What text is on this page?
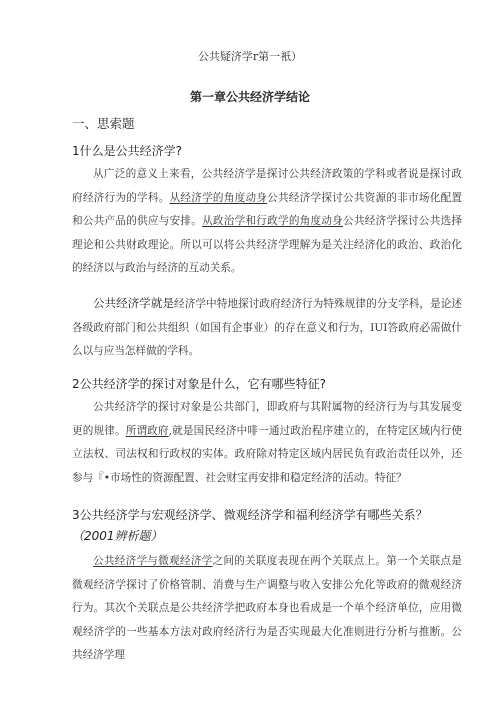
公共疑济学r第一衹）
第一章公共经济学结论
一、思索题
1什么是公共经济学?
从广泛的意义上来看，公共经济学是探讨公共经济政策的学科或者说是探讨政府经济行为的学科。从经济学的角度动身公共经济学探讨公共资源的非市场化配置和公共产品的供应与安排。从政治学和行政学的角度动身公共经济学探讨公共选择理论和公共财政理论。所以可以将公共经济学理解为是关注经济化的政治、政治化的经济以与政治与经济的互动关系。
公共经济学就是经济学中特地探讨政府经济行为特殊规律的分支学科，是论述各级政府部门和公共组织（如国有企事业）的存在意义和行为，IUI答政府必需做什么以与应当怎样做的学科。
2公共经济学的探讨对象是什么，它有哪些特征?
公共经济学的探讨对象是公共部门，即政府与其附属物的经济行为与其发展变更的规律。所谓政府,就是国民经济中啡一通过政治程序建立的，在特定区域内行使立法权、司法权和行政权的实体。政府除对特定区域内居民负有政治责任以外，还参与『•市场性的资源配置、社会财宝再安排和稳定经济的活动。特征？
3公共经济学与宏观经济学、微观经济学和福利经济学有哪些关系？（2001辨析题）
公共经济学与微观经济学之间的关联度表现在两个关联点上。第一个关联点是微观经济学探讨了价格管制、消费与生产调整与收入安排公允化等政府的微观经济行为。其次个关联点是公共经济学把政府本身也看成是一个单个经济单位，应用微观经济学的一些基本方法对政府经济行为是否实现最大化准则进行分析与推断。公共经济学理
